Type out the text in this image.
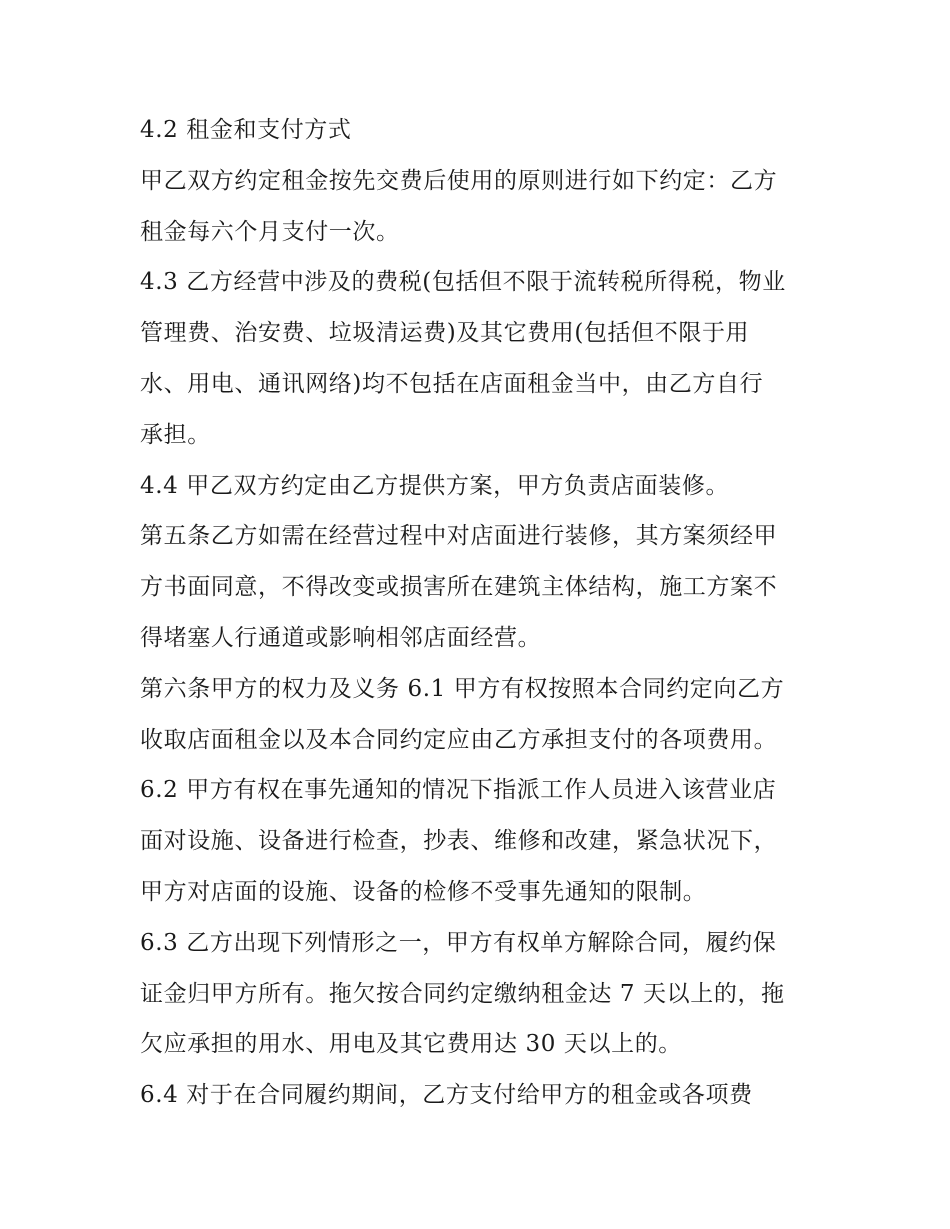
4.2 租金和支付方式
甲乙双方约定租金按先交费后使用的原则进行如下约定：乙方
租金每六个月支付一次。
4.3 乙方经营中涉及的费税(包括但不限于流转税所得税，物业
管理费、治安费、垃圾清运费)及其它费用(包括但不限于用
水、用电、通讯网络)均不包括在店面租金当中，由乙方自行
承担。
4.4 甲乙双方约定由乙方提供方案，甲方负责店面装修。
第五条乙方如需在经营过程中对店面进行装修，其方案须经甲
方书面同意，不得改变或损害所在建筑主体结构，施工方案不
得堵塞人行通道或影响相邻店面经营。
第六条甲方的权力及义务 6.1 甲方有权按照本合同约定向乙方
收取店面租金以及本合同约定应由乙方承担支付的各项费用。
6.2 甲方有权在事先通知的情况下指派工作人员进入该营业店
面对设施、设备进行检查，抄表、维修和改建，紧急状况下，
甲方对店面的设施、设备的检修不受事先通知的限制。
6.3 乙方出现下列情形之一，甲方有权单方解除合同，履约保
证金归甲方所有。拖欠按合同约定缴纳租金达 7 天以上的，拖
欠应承担的用水、用电及其它费用达 30 天以上的。
6.4 对于在合同履约期间，乙方支付给甲方的租金或各项费
